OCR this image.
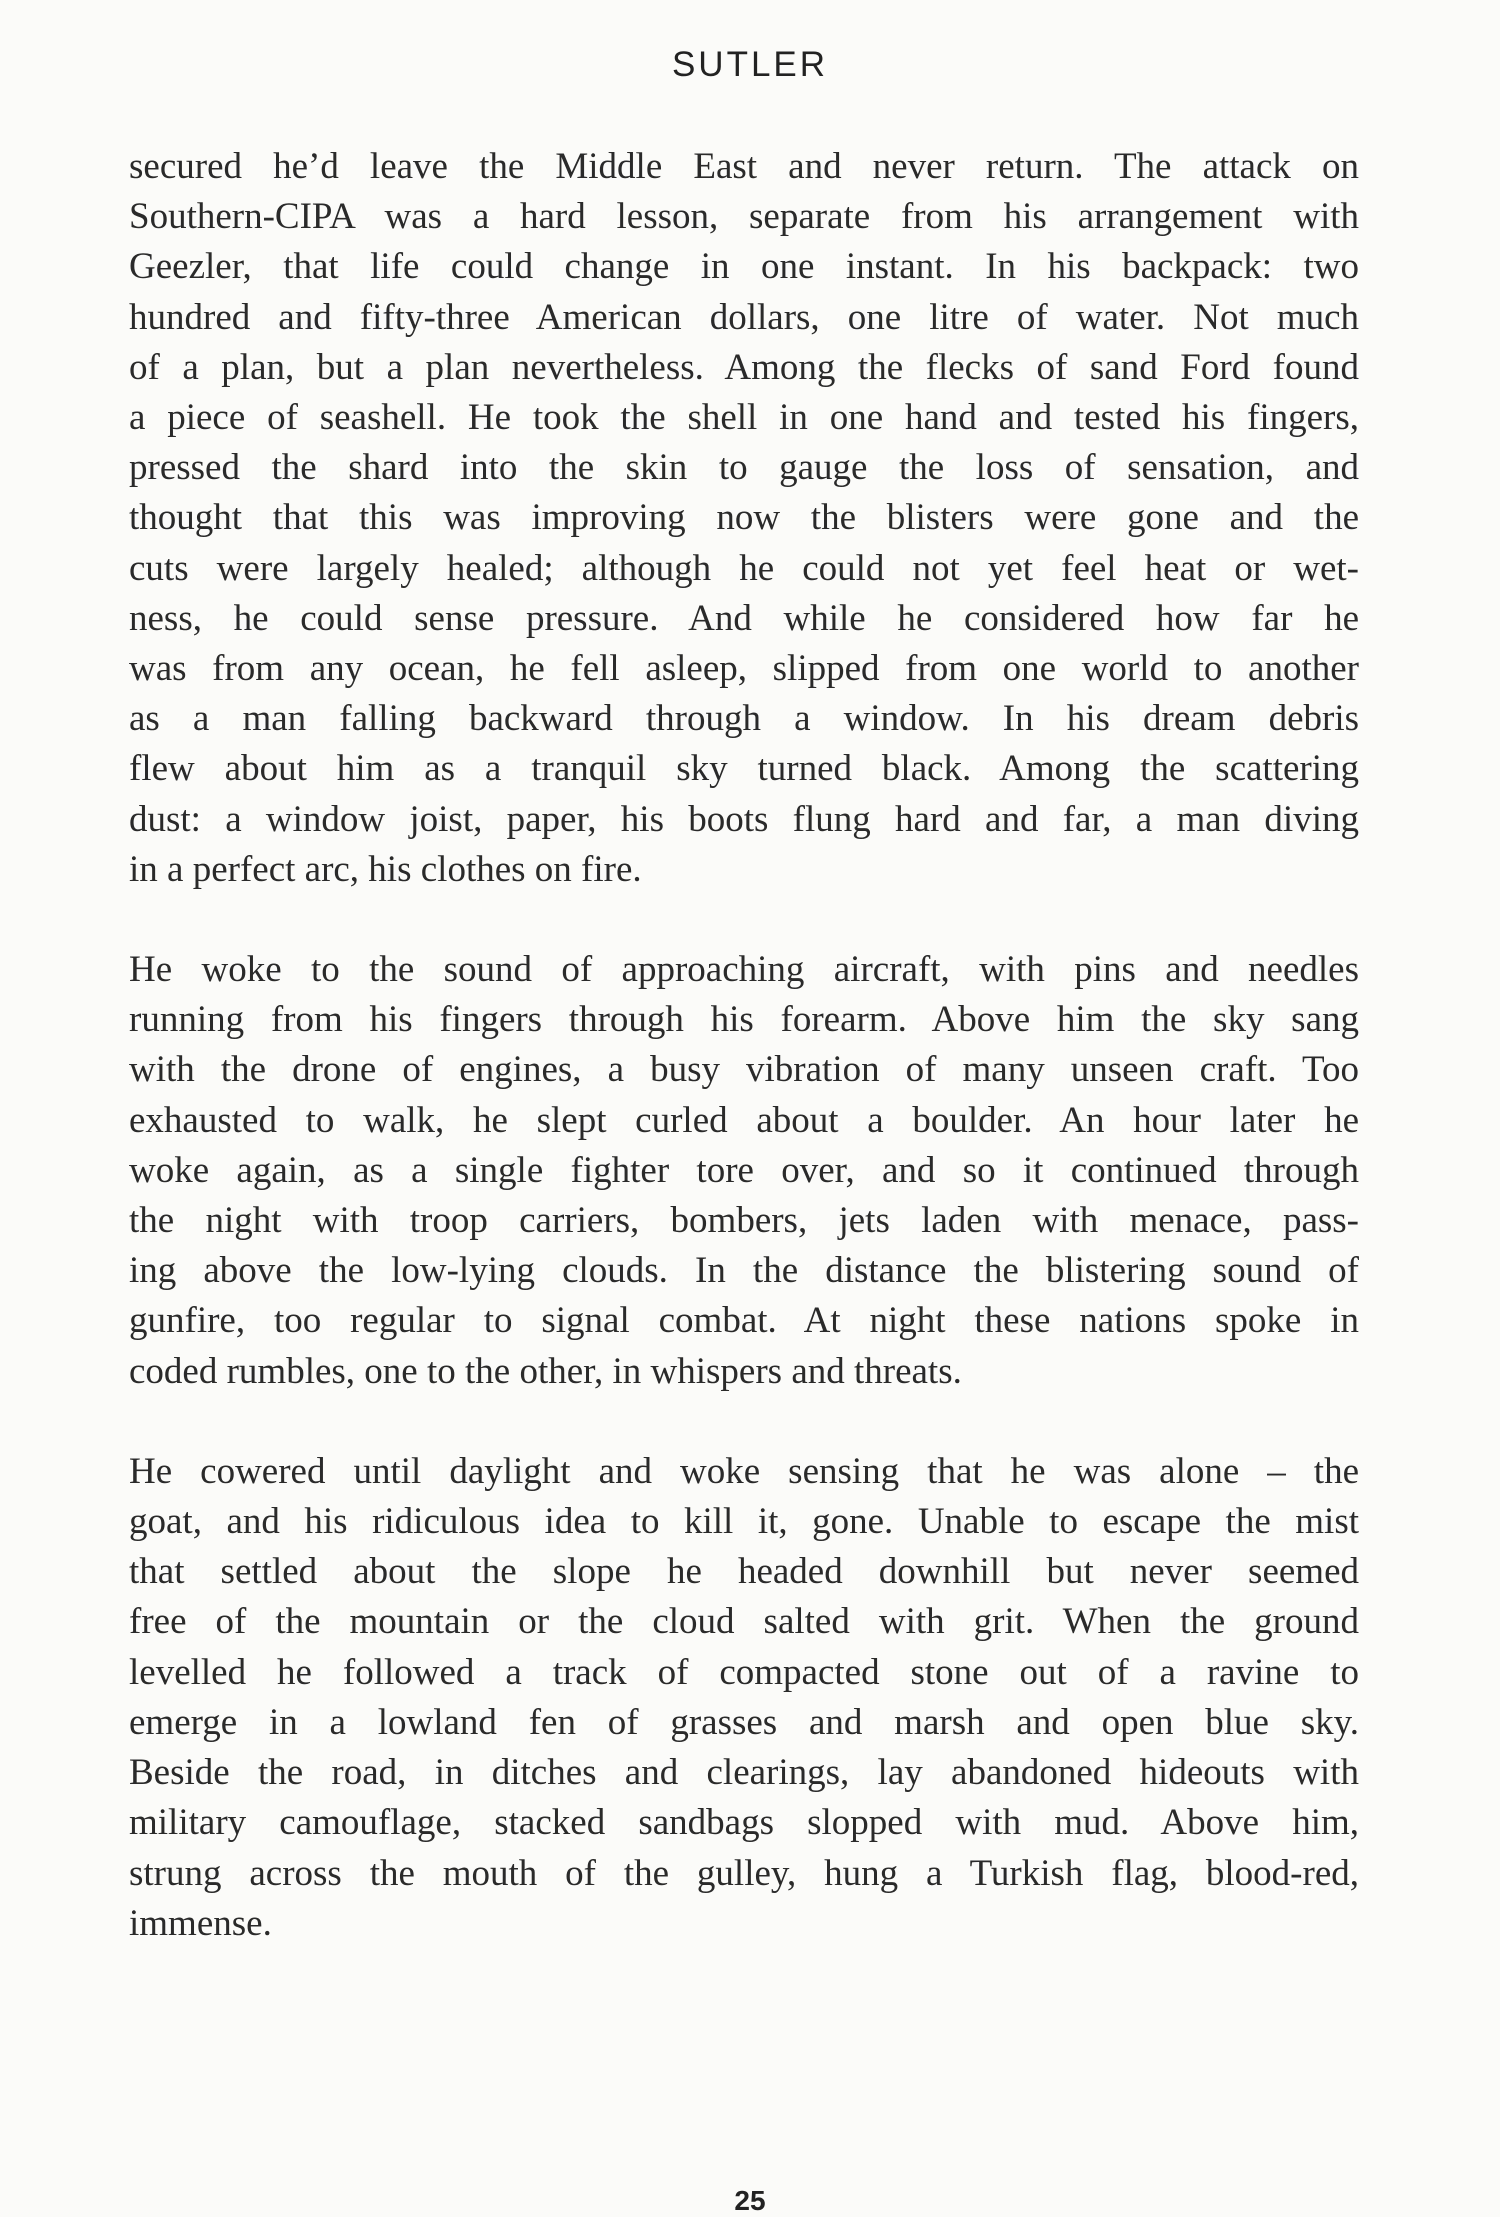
SUTLER
secured he’d leave the Middle East and never return. The attack on
Southern-CIPA was a hard lesson, separate from his arrangement with
Geezler, that life could change in one instant. In his backpack: two
hundred and fifty-three American dollars, one litre of water. Not much
of a plan, but a plan nevertheless. Among the flecks of sand Ford found
a piece of seashell. He took the shell in one hand and tested his fingers,
pressed the shard into the skin to gauge the loss of sensation, and
thought that this was improving now the blisters were gone and the
cuts were largely healed; although he could not yet feel heat or wet-
ness, he could sense pressure. And while he considered how far he
was from any ocean, he fell asleep, slipped from one world to another
as a man falling backward through a window. In his dream debris
flew about him as a tranquil sky turned black. Among the scattering
dust: a window joist, paper, his boots flung hard and far, a man diving
in a perfect arc, his clothes on fire.
He woke to the sound of approaching aircraft, with pins and needles
running from his fingers through his forearm. Above him the sky sang
with the drone of engines, a busy vibration of many unseen craft. Too
exhausted to walk, he slept curled about a boulder. An hour later he
woke again, as a single fighter tore over, and so it continued through
the night with troop carriers, bombers, jets laden with menace, pass-
ing above the low-lying clouds. In the distance the blistering sound of
gunfire, too regular to signal combat. At night these nations spoke in
coded rumbles, one to the other, in whispers and threats.
He cowered until daylight and woke sensing that he was alone – the
goat, and his ridiculous idea to kill it, gone. Unable to escape the mist
that settled about the slope he headed downhill but never seemed
free of the mountain or the cloud salted with grit. When the ground
levelled he followed a track of compacted stone out of a ravine to
emerge in a lowland fen of grasses and marsh and open blue sky.
Beside the road, in ditches and clearings, lay abandoned hideouts with
military camouflage, stacked sandbags slopped with mud. Above him,
strung across the mouth of the gulley, hung a Turkish flag, blood-red,
immense.
25
